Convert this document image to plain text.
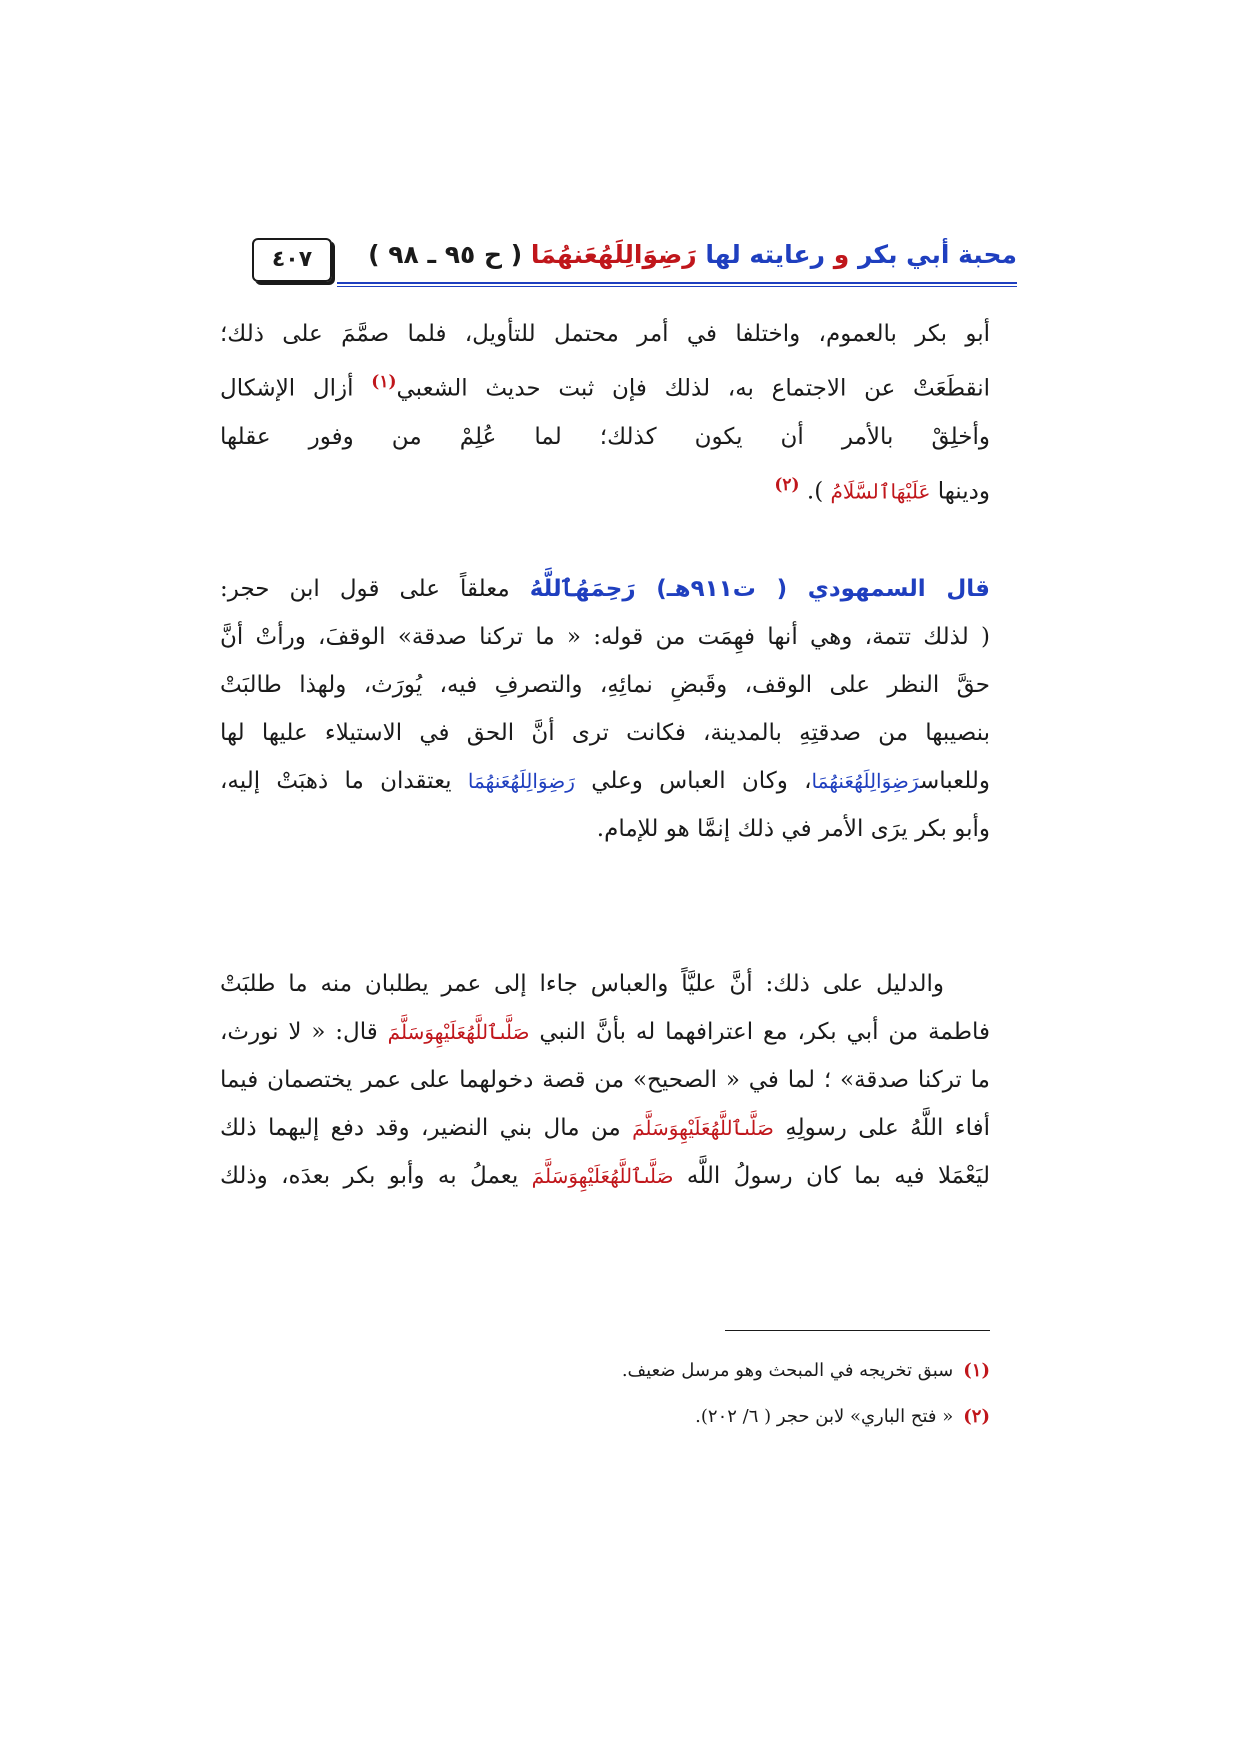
محبة أبي بكر و رعايته لها رَضِوَالِلَهُعَنهُمَا ( ح ٩٥ ـ ٩٨ )
٤٠٧
أبو بكر بالعموم، واختلفا في أمر محتمل للتأويل، فلما صمَّمَ على ذلك؛
انقطَعَتْ عن الاجتماع به، لذلك فإن ثبت حديث الشعبي$^{(١)}$ أزال الإشكال
وأخلِقْ بالأمر أن يكون كذلك؛ لما عُلِمْ من وفور عقلها
ودينها عَلَيْهَاٱلسَّلَامُ ). $^{(٢)}$
قال السمهودي ( ت٩١١هـ) رَحِمَهُٱللَّهُ معلقاً على قول ابن حجر:
( لذلك تتمة، وهي أنها فهِمَت من قوله: « ما تركنا صدقة» الوقفَ، ورأتْ أنَّ
حقَّ النظر على الوقف، وقَبضِ نمائِهِ، والتصرفِ فيه، يُورَث، ولهذا طالبَتْ
بنصيبها من صدقتِهِ بالمدينة، فكانت ترى أنَّ الحق في الاستيلاء عليها لها
وللعباسرَضِوَالِلَهُعَنهُمَا، وكان العباس وعلي رَضِوَالِلَهُعَنهُمَا يعتقدان ما ذهبَتْ إليه،
وأبو بكر يرَى الأمر في ذلك إنمَّا هو للإمام.
  والدليل على ذلك: أنَّ عليَّاً والعباس جاءا إلى عمر يطلبان منه ما طلبَتْ
فاطمة من أبي بكر، مع اعترافهما له بأنَّ النبي صَلَّىٱللَّهُعَلَيْهِوَسَلَّمَ قال: « لا نورث،
ما تركنا صدقة» ؛ لما في « الصحيح» من قصة دخولهما على عمر يختصمان فيما
أفاء اللَّهُ على رسولِهِ صَلَّىٱللَّهُعَلَيْهِوَسَلَّمَ من مال بني النضير، وقد دفع إليهما ذلك
ليَعْمَلا فيه بما كان رسولُ اللَّه صَلَّىٱللَّهُعَلَيْهِوَسَلَّمَ يعملُ به وأبو بكر بعدَه، وذلك
(١)سبق تخريجه في المبحث وهو مرسل ضعيف.
(٢)« فتح الباري» لابن حجر ( ٦/ ٢٠٢).
